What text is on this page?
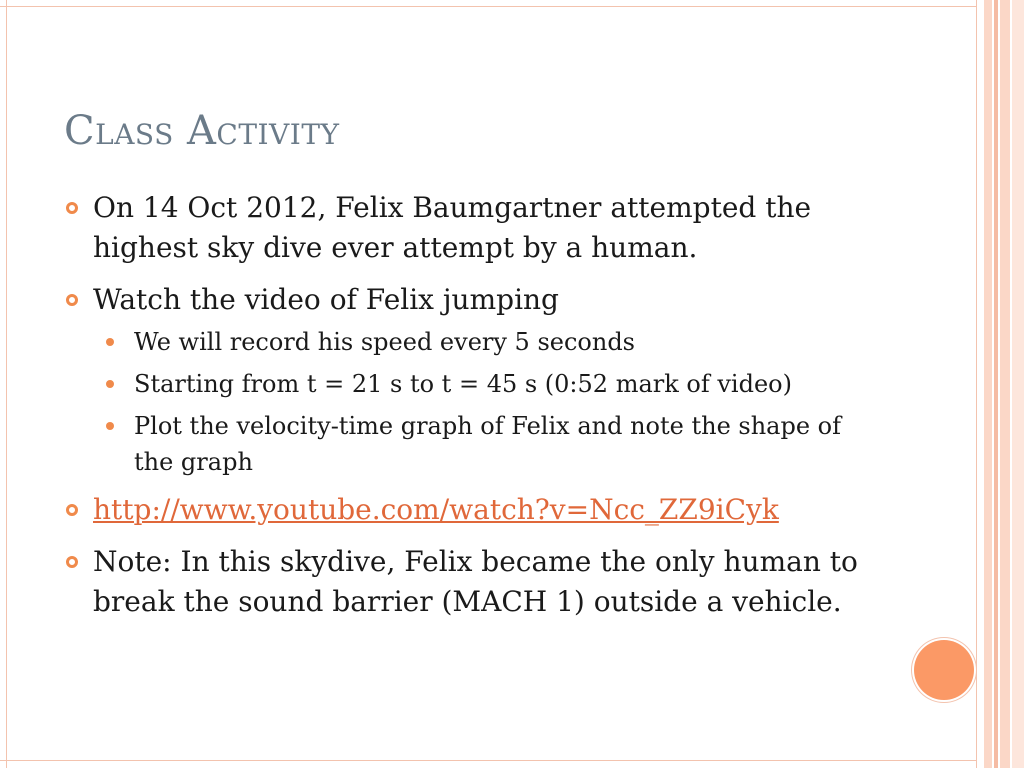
Class Activity
On 14 Oct 2012, Felix Baumgartner attempted the highest sky dive ever attempt by a human.
Watch the video of Felix jumping
We will record his speed every 5 seconds
Starting from t = 21 s to t = 45 s (0:52 mark of video)
Plot the velocity-time graph of Felix and note the shape of the graph
http://www.youtube.com/watch?v=Ncc_ZZ9iCyk
Note: In this skydive, Felix became the only human to break the sound barrier (MACH 1) outside a vehicle.
